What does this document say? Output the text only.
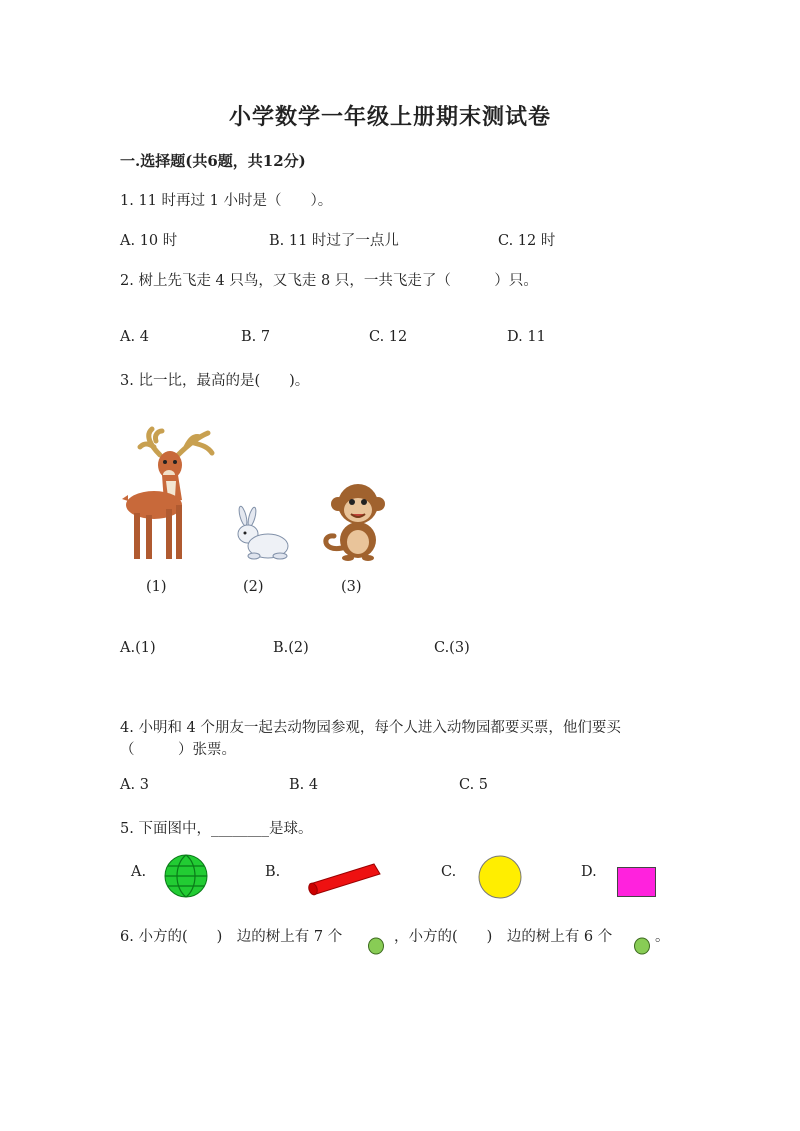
小学数学一年级上册期末测试卷
一.选择题(共6题，共12分)
1. 11 时再过 1 小时是（　　）。
A. 10 时	B. 11 时过了一点儿	C. 12 时
2. 树上先飞走 4 只鸟，又飞走 8 只，一共飞走了（　　　）只。
A. 4	B. 7	C. 12	D. 11
3. 比一比，最高的是(　　)。
(1)	(2)	(3)
A.(1)	B.(2)	C.(3)
4. 小明和 4 个朋友一起去动物园参观，每个人进入动物园都要买票，他们要买
（　　　）张票。
A. 3	B. 4	C. 5
5. 下面图中，________是球。
A.	B.	C.	D.
6. 小方的(　　)　边的树上有 7 个	，小方的(　　)　边的树上有 6 个	。
